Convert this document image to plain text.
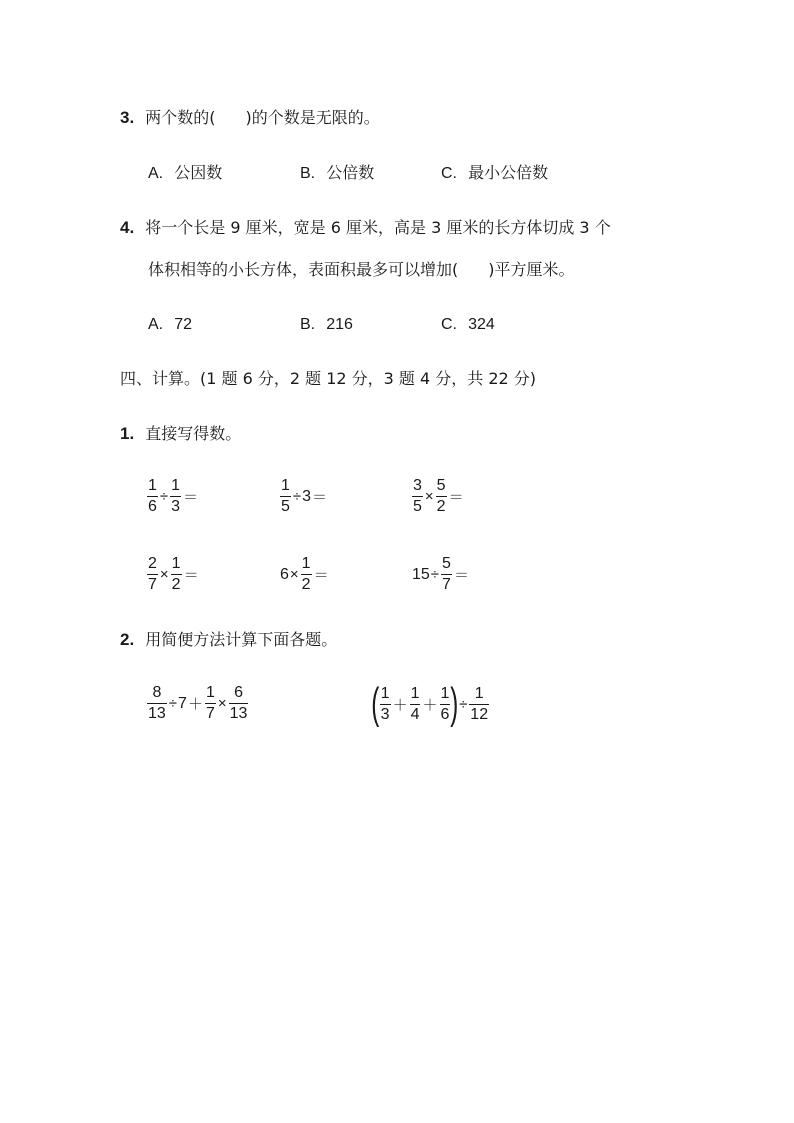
3. 两个数的( )的个数是无限的。
A. 公因数	B. 公倍数	C. 最小公倍数
4. 将一个长是 9 厘米，宽是 6 厘米，高是 3 厘米的长方体切成 3 个
体积相等的小长方体，表面积最多可以增加( )平方厘米。
A. 72	B. 216	C. 324
四、计算。(1 题 6 分，2 题 12 分，3 题 4 分，共 22 分)
1. 直接写得数。
$\frac{1}{6} \div \frac{1}{3}$ ＝	$\frac{1}{5} \div 3$ ＝	$\frac{3}{5} \times \frac{5}{2}$ ＝
$\frac{2}{7} \times \frac{1}{2}$ ＝	$6 \times \frac{1}{2}$ ＝	$15 \div \frac{5}{7}$ ＝
2. 用简便方法计算下面各题。
$\frac{8}{13} \div 7 + \frac{1}{7} \times \frac{6}{13}$	( $\frac{1}{3} + \frac{1}{4} + \frac{1}{6}$ ) ÷ $\frac{1}{12}$
